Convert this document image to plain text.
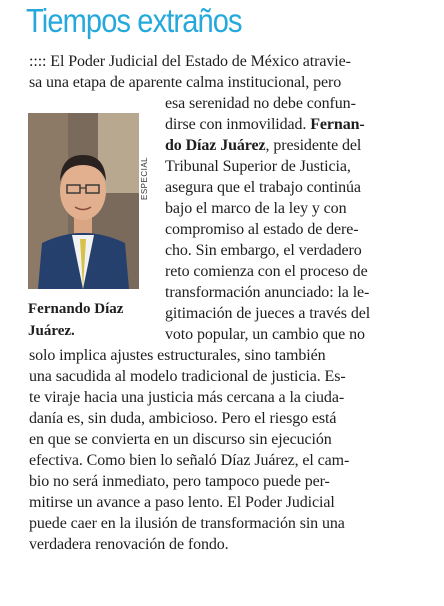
Tiempos extraños
:::: El Poder Judicial del Estado de México atravie-
sa una etapa de aparente calma institucional, pero
ESPECIAL
esa serenidad no debe confun-
dirse con inmovilidad. Fernan-
do Díaz Juárez, presidente del
Tribunal Superior de Justicia,
asegura que el trabajo continúa
bajo el marco de la ley y con
compromiso al estado de dere-
cho. Sin embargo, el verdadero
reto comienza con el proceso de
transformación anunciado: la le-
gitimación de jueces a través del
voto popular, un cambio que no
Fernando Díaz
Juárez.
solo implica ajustes estructurales, sino también
una sacudida al modelo tradicional de justicia. Es-
te viraje hacia una justicia más cercana a la ciuda-
danía es, sin duda, ambicioso. Pero el riesgo está
en que se convierta en un discurso sin ejecución
efectiva. Como bien lo señaló Díaz Juárez, el cam-
bio no será inmediato, pero tampoco puede per-
mitirse un avance a paso lento. El Poder Judicial
puede caer en la ilusión de transformación sin una
verdadera renovación de fondo.
